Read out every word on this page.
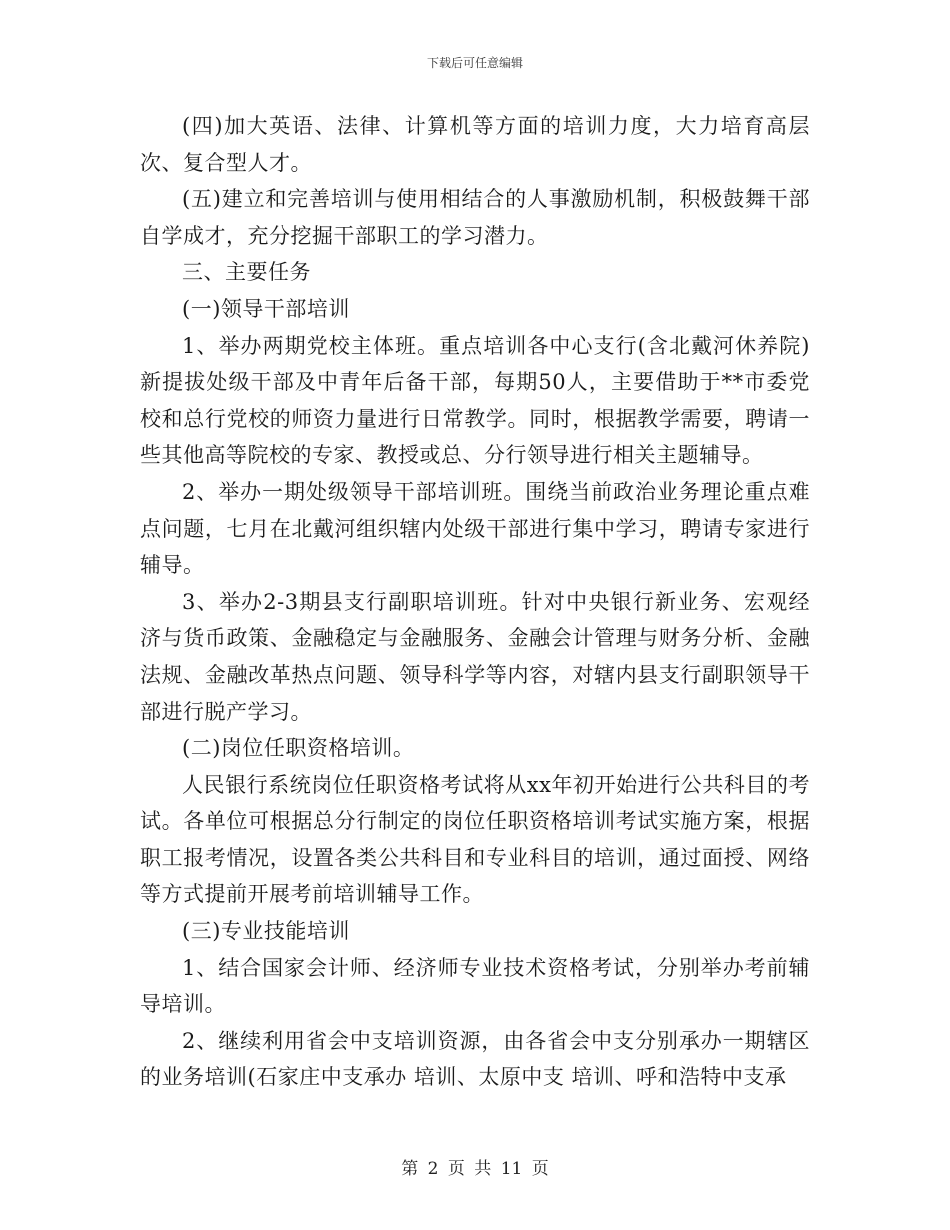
下载后可任意编辑

(四)加大英语、法律、计算机等方面的培训力度，大力培育高层次、复合型人才。

(五)建立和完善培训与使用相结合的人事激励机制，积极鼓舞干部自学成才，充分挖掘干部职工的学习潜力。

三、主要任务

(一)领导干部培训

1、举办两期党校主体班。重点培训各中心支行(含北戴河休养院)新提拔处级干部及中青年后备干部，每期50人，主要借助于**市委党校和总行党校的师资力量进行日常教学。同时，根据教学需要，聘请一些其他高等院校的专家、教授或总、分行领导进行相关主题辅导。

2、举办一期处级领导干部培训班。围绕当前政治业务理论重点难点问题，七月在北戴河组织辖内处级干部进行集中学习，聘请专家进行辅导。

3、举办2-3期县支行副职培训班。针对中央银行新业务、宏观经济与货币政策、金融稳定与金融服务、金融会计管理与财务分析、金融法规、金融改革热点问题、领导科学等内容，对辖内县支行副职领导干部进行脱产学习。

(二)岗位任职资格培训。

人民银行系统岗位任职资格考试将从xx年初开始进行公共科目的考试。各单位可根据总分行制定的岗位任职资格培训考试实施方案，根据职工报考情况，设置各类公共科目和专业科目的培训，通过面授、网络等方式提前开展考前培训辅导工作。

(三)专业技能培训

1、结合国家会计师、经济师专业技术资格考试，分别举办考前辅导培训。

2、继续利用省会中支培训资源，由各省会中支分别承办一期辖区的业务培训(石家庄中支承办 培训、太原中支 培训、呼和浩特中支承

第 2 页 共 11 页
